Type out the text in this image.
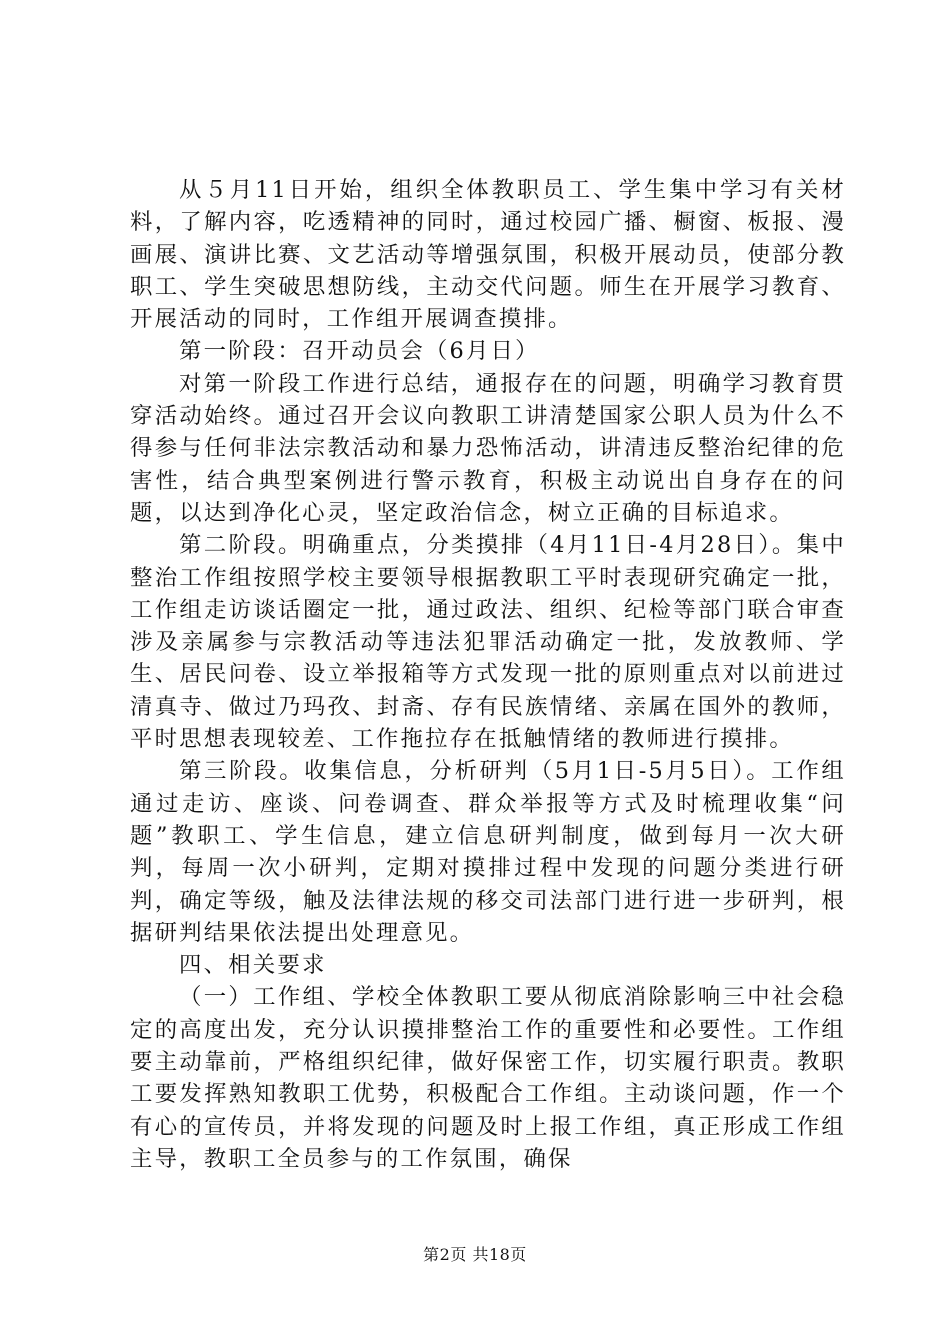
从５月11日开始，组织全体教职员工、学生集中学习有关材料，了解内容，吃透精神的同时，通过校园广播、橱窗、板报、漫画展、演讲比赛、文艺活动等增强氛围，积极开展动员，使部分教职工、学生突破思想防线，主动交代问题。师生在开展学习教育、开展活动的同时，工作组开展调查摸排。

第一阶段：召开动员会（6月日）

对第一阶段工作进行总结，通报存在的问题，明确学习教育贯穿活动始终。通过召开会议向教职工讲清楚国家公职人员为什么不得参与任何非法宗教活动和暴力恐怖活动，讲清违反整治纪律的危害性，结合典型案例进行警示教育，积极主动说出自身存在的问题，以达到净化心灵，坚定政治信念，树立正确的目标追求。

第二阶段。明确重点，分类摸排（4月11日-4月28日）。集中整治工作组按照学校主要领导根据教职工平时表现研究确定一批，工作组走访谈话圈定一批，通过政法、组织、纪检等部门联合审查涉及亲属参与宗教活动等违法犯罪活动确定一批，发放教师、学生、居民问卷、设立举报箱等方式发现一批的原则重点对以前进过清真寺、做过乃玛孜、封斋、存有民族情绪、亲属在国外的教师，平时思想表现较差、工作拖拉存在抵触情绪的教师进行摸排。

第三阶段。收集信息，分析研判（5月1日-5月5日）。工作组通过走访、座谈、问卷调查、群众举报等方式及时梳理收集“问题”教职工、学生信息，建立信息研判制度，做到每月一次大研判，每周一次小研判，定期对摸排过程中发现的问题分类进行研判，确定等级，触及法律法规的移交司法部门进行进一步研判，根据研判结果依法提出处理意见。

四、相关要求

（一）工作组、学校全体教职工要从彻底消除影响三中社会稳定的高度出发，充分认识摸排整治工作的重要性和必要性。工作组要主动靠前，严格组织纪律，做好保密工作，切实履行职责。教职工要发挥熟知教职工优势，积极配合工作组。主动谈问题，作一个有心的宣传员，并将发现的问题及时上报工作组，真正形成工作组主导，教职工全员参与的工作氛围，确保

第2页 共18页
